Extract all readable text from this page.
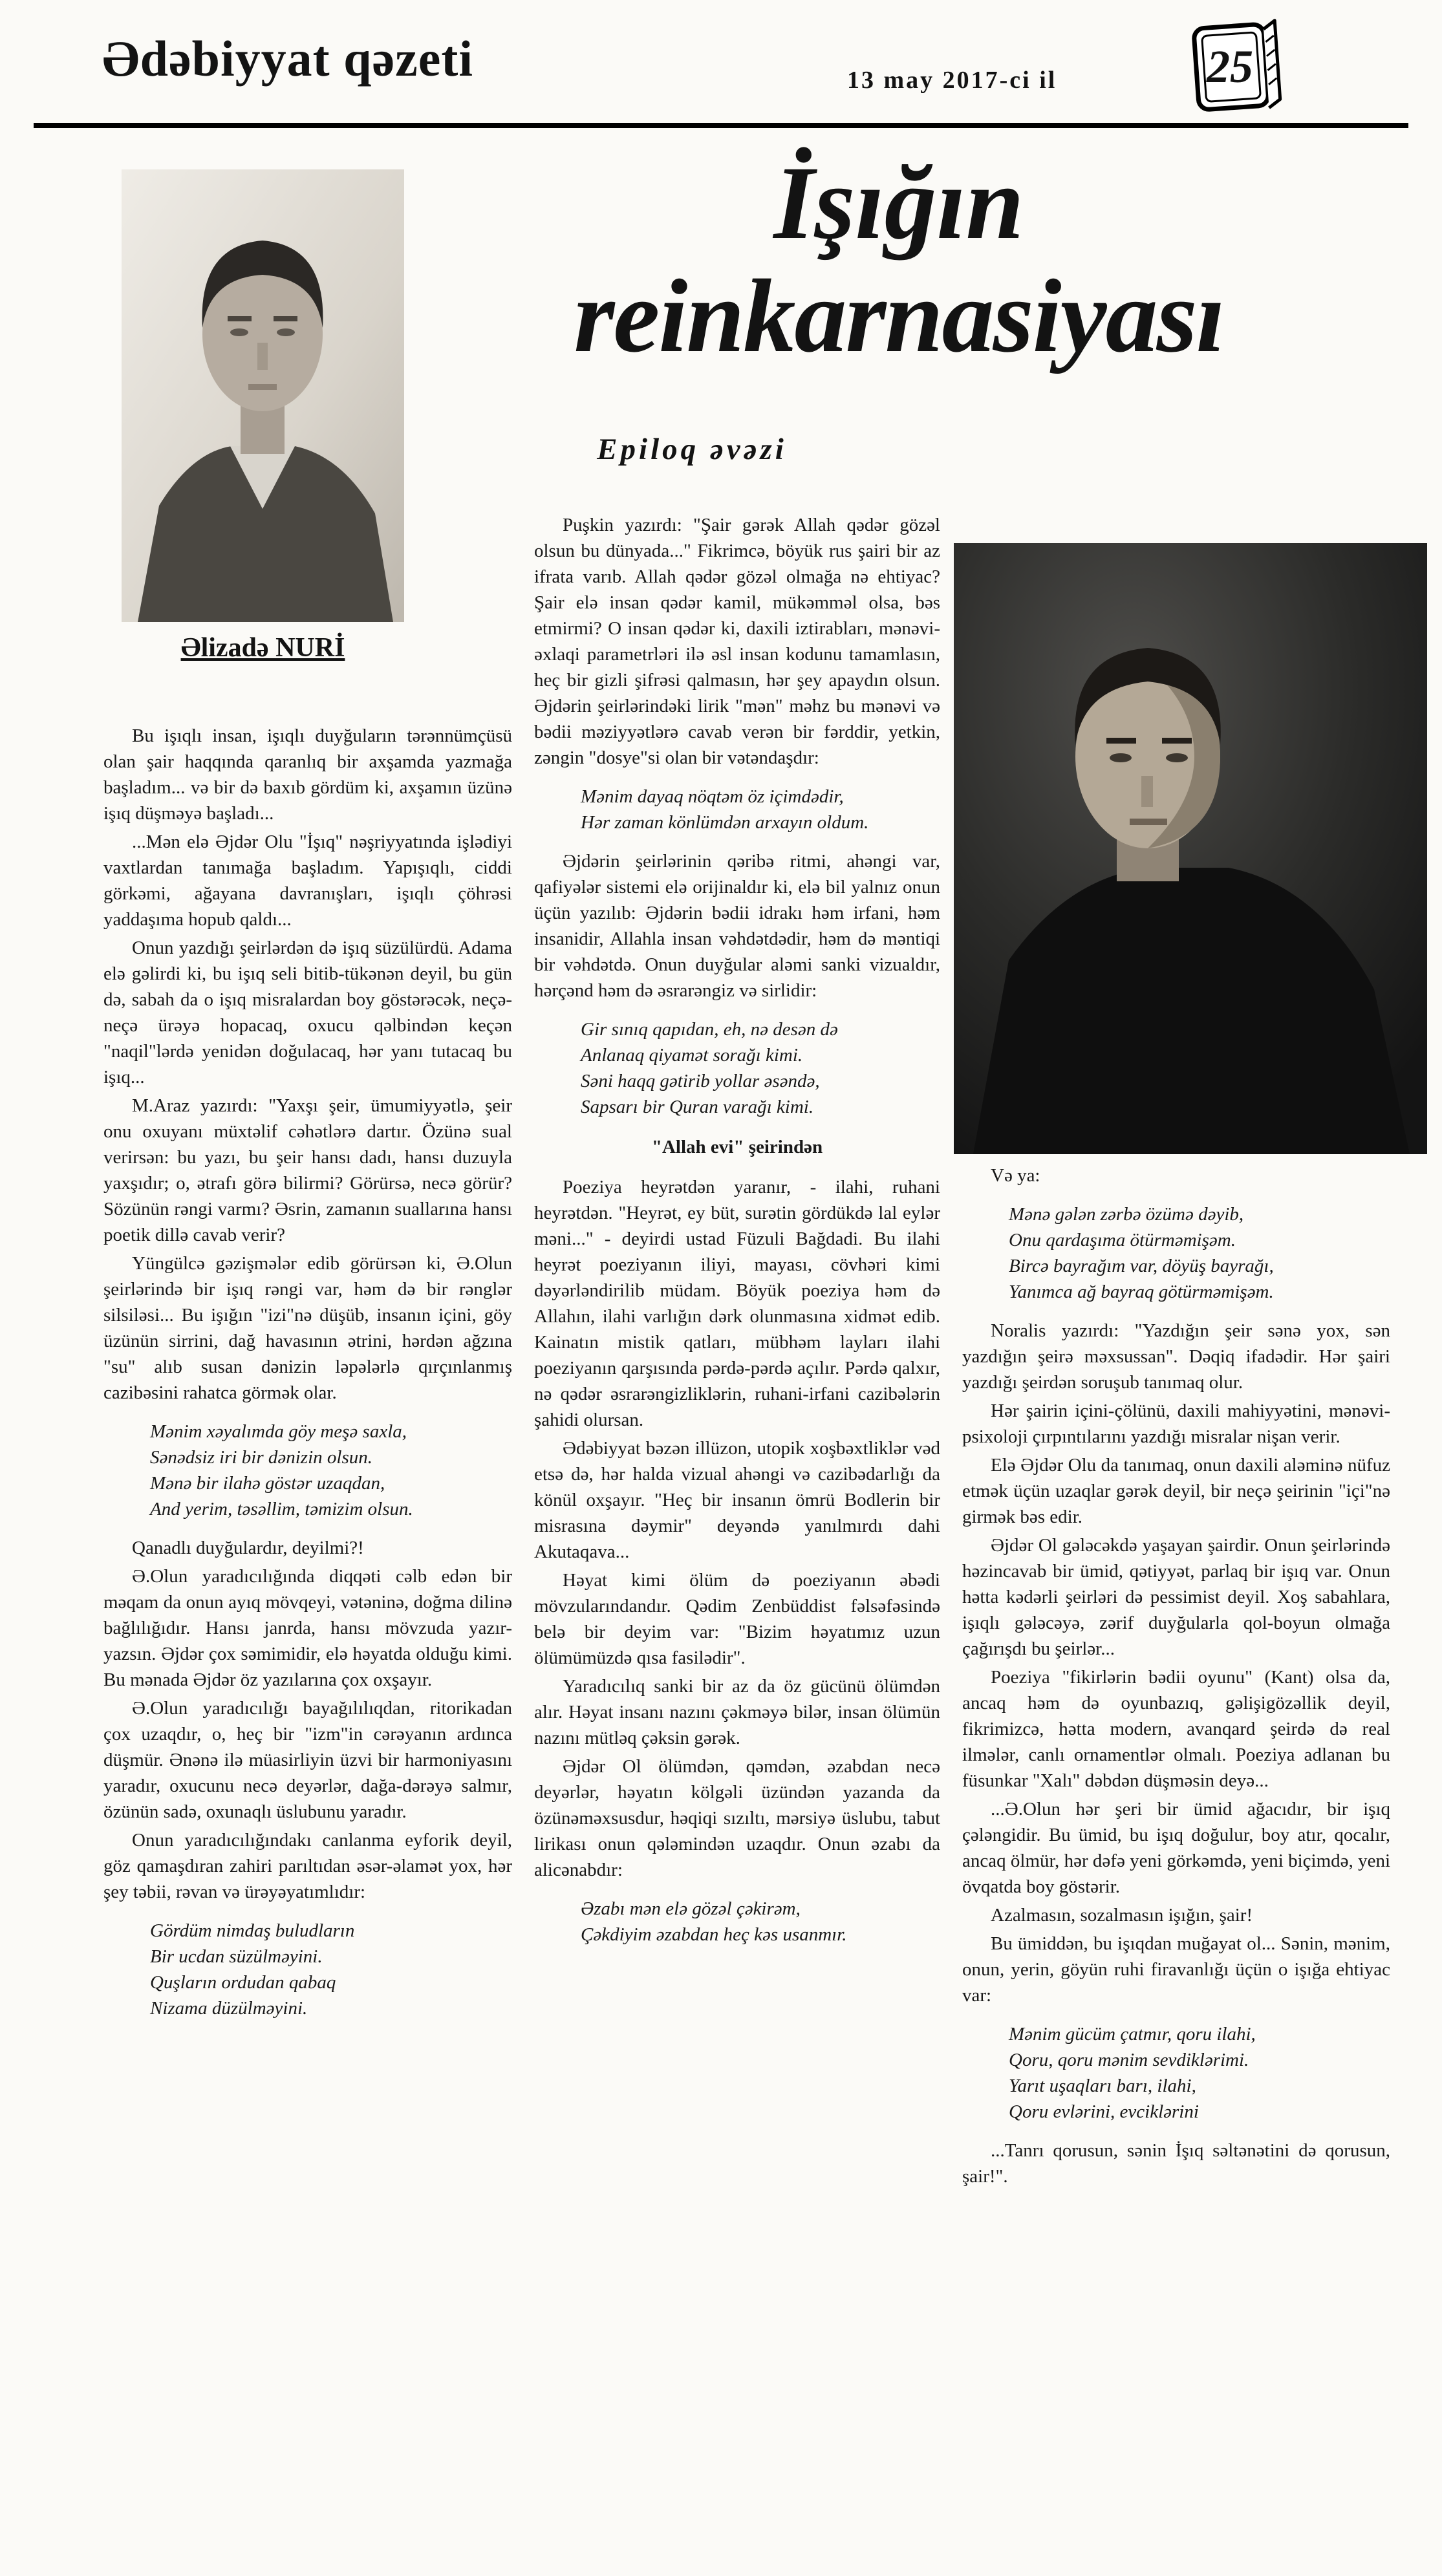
Ədəbiyyat qəzeti	13 may 2017-ci il	25
Əlizadə NURİ
İşığın
reinkarnasiyası
Epiloq əvəzi

Bu işıqlı insan, işıqlı duyğuların tərənnümçüsü olan şair haqqında qaranlıq bir axşamda yazmağa başladım... və bir də baxıb gördüm ki, axşamın üzünə işıq düşməyə başladı...

...Mən elə Əjdər Olu "İşıq" nəşriyyatında işlədiyi vaxtlardan tanımağa başladım. Yapışıqlı, ciddi görkəmi, ağayana davranışları, işıqlı çöhrəsi yaddaşıma hopub qaldı...

Onun yazdığı şeirlərdən də işıq süzülürdü. Adama elə gəlirdi ki, bu işıq seli bitib-tükənən deyil, bu gün də, sabah da o işıq misralardan boy göstərəcək, neçə-neçə ürəyə hopacaq, oxucu qəlbindən keçən "naqil"lərdə yenidən doğulacaq, hər yanı tutacaq bu işıq...

M.Araz yazırdı: "Yaxşı şeir, ümumiyyətlə, şeir onu oxuyanı müxtəlif cəhətlərə dartır. Özünə sual verirsən: bu yazı, bu şeir hansı dadı, hansı duzuyla yaxşıdır; o, ətrafı görə bilirmi? Görürsə, necə görür? Sözünün rəngi varmı? Əsrin, zamanın suallarına hansı poetik dillə cavab verir?

Yüngülcə gəzişmələr edib görürsən ki, Ə.Olun şeirlərində bir işıq rəngi var, həm də bir rənglər silsiləsi... Bu işığın "izi"nə düşüb, insanın içini, göy üzünün sirrini, dağ havasının ətrini, hərdən ağzına "su" alıb susan dənizin ləpələrlə qırçınlanmış cazibəsini rahatca görmək olar.

Mənim xəyalımda göy meşə saxla,
Sənədsiz iri bir dənizin olsun.
Mənə bir ilahə göstər uzaqdan,
And yerim, təsəllim, təmizim olsun.

Qanadlı duyğulardır, deyilmi?!

Ə.Olun yaradıcılığında diqqəti cəlb edən bir məqam da onun ayıq mövqeyi, vətəninə, doğma dilinə bağlılığıdır. Hansı janrda, hansı mövzuda yazır-yazsın. Əjdər çox səmimidir, elə həyatda olduğu kimi. Bu mənada Əjdər öz yazılarına çox oxşayır.

Ə.Olun yaradıcılığı bayağılılıqdan, ritorikadan çox uzaqdır, o, heç bir "izm"in cərəyanın ardınca düşmür. Ənənə ilə müasirliyin üzvi bir harmoniyasını yaradır, oxucunu necə deyərlər, dağa-dərəyə salmır, özünün sadə, oxunaqlı üslubunu yaradır.

Onun yaradıcılığındakı canlanma eyforik deyil, göz qamaşdıran zahiri parıltıdan əsər-əlamət yox, hər şey təbii, rəvan və ürəyəyatımlıdır:

Gördüm nimdaş buludların
Bir ucdan süzülməyini.
Quşların ordudan qabaq
Nizama düzülməyini.

Puşkin yazırdı: "Şair gərək Allah qədər gözəl olsun bu dünyada..." Fikrimcə, böyük rus şairi bir az ifrata varıb. Allah qədər gözəl olmağa nə ehtiyac? Şair elə insan qədər kamil, mükəmməl olsa, bəs etmirmi? O insan qədər ki, daxili iztirabları, mənəvi-əxlaqi parametrləri ilə əsl insan kodunu tamamlasın, heç bir gizli şifrəsi qalmasın, hər şey apaydın olsun. Əjdərin şeirlərindəki lirik "mən" məhz bu mənəvi və bədii məziyyətlərə cavab verən bir fərddir, yetkin, zəngin "dosye"si olan bir vətəndaşdır:

Mənim dayaq nöqtəm öz içimdədir,
Hər zaman könlümdən arxayın oldum.

Əjdərin şeirlərinin qəribə ritmi, ahəngi var, qafiyələr sistemi elə orijinaldır ki, elə bil yalnız onun üçün yazılıb: Əjdərin bədii idrakı həm irfani, həm insanidir, Allahla insan vəhdətdədir, həm də məntiqi bir vəhdətdə. Onun duyğular aləmi sanki vizualdır, hərçənd həm də əsrarəngiz və sirlidir:

Gir sınıq qapıdan, eh, nə desən də
Anlanaq qiyamət sorağı kimi.
Səni haqq gətirib yollar əsəndə,
Sapsarı bir Quran varağı kimi.

"Allah evi" şeirindən

Poeziya heyrətdən yaranır, - ilahi, ruhani heyrətdən. "Heyrət, ey büt, surətin gördükdə lal eylər məni..." - deyirdi ustad Füzuli Bağdadi. Bu ilahi heyrət poeziyanın iliyi, mayası, cövhəri kimi dəyərləndirilib müdam. Böyük poeziya həm də Allahın, ilahi varlığın dərk olunmasına xidmət edib. Kainatın mistik qatları, mübhəm layları ilahi poeziyanın qarşısında pərdə-pərdə açılır. Pərdə qalxır, nə qədər əsrarəngizliklərin, ruhani-irfani cazibələrin şahidi olursan.

Ədəbiyyat bəzən illüzon, utopik xoşbəxtliklər vəd etsə də, hər halda vizual ahəngi və cazibədarlığı da könül oxşayır. "Heç bir insanın ömrü Bodlerin bir misrasına dəymir" deyəndə yanılmırdı dahi Akutaqava...

Həyat kimi ölüm də poeziyanın əbədi mövzularındandır. Qədim Zenbüddist fəlsəfəsində belə bir deyim var: "Bizim həyatımız uzun ölümümüzdə qısa fasilədir".

Yaradıcılıq sanki bir az da öz gücünü ölümdən alır. Həyat insanı nazını çəkməyə bilər, insan ölümün nazını mütləq çəksin gərək.

Əjdər Ol ölümdən, qəmdən, əzabdan necə deyərlər, həyatın kölgəli üzündən yazanda da özünəməxsusdur, həqiqi sızıltı, mərsiyə üslubu, tabut lirikası onun qələmindən uzaqdır. Onun əzabı da alicənabdır:

Əzabı mən elə gözəl çəkirəm,
Çəkdiyim əzabdan heç kəs usanmır.

Və ya:

Mənə gələn zərbə özümə dəyib,
Onu qardaşıma ötürməmişəm.
Bircə bayrağım var, döyüş bayrağı,
Yanımca ağ bayraq götürməmişəm.

Noralis yazırdı: "Yazdığın şeir sənə yox, sən yazdığın şeirə məxsussan". Dəqiq ifadədir. Hər şairi yazdığı şeirdən soruşub tanımaq olur.

Hər şairin içini-çölünü, daxili mahiyyətini, mənəvi-psixoloji çırpıntılarını yazdığı misralar nişan verir.

Elə Əjdər Olu da tanımaq, onun daxili aləminə nüfuz etmək üçün uzaqlar gərək deyil, bir neçə şeirinin "içi"nə girmək bəs edir.

Əjdər Ol gələcəkdə yaşayan şairdir. Onun şeirlərində həzincavab bir ümid, qətiyyət, parlaq bir işıq var. Onun hətta kədərli şeirləri də pessimist deyil. Xoş sabahlara, işıqlı gələcəyə, zərif duyğularla qol-boyun olmağa çağırışdı bu şeirlər...

Poeziya "fikirlərin bədii oyunu" (Kant) olsa da, ancaq həm də oyunbazıq, gəlişigözəllik deyil, fikrimizcə, hətta modern, avanqard şeirdə də real ilmələr, canlı ornamentlər olmalı. Poeziya adlanan bu füsunkar "Xalı" dəbdən düşməsin deyə...

...Ə.Olun hər şeri bir ümid ağacıdır, bir işıq çələngidir. Bu ümid, bu işıq doğulur, boy atır, qocalır, ancaq ölmür, hər dəfə yeni görkəmdə, yeni biçimdə, yeni övqatda boy göstərir.

Azalmasın, sozalmasın işığın, şair!

Bu ümiddən, bu işıqdan muğayat ol... Sənin, mənim, onun, yerin, göyün ruhi firavanlığı üçün o işığa ehtiyac var:

Mənim gücüm çatmır, qoru ilahi,
Qoru, qoru mənim sevdiklərimi.
Yarıt uşaqları barı, ilahi,
Qoru evlərini, evciklərini

...Tanrı qorusun, sənin İşıq səltənətini də qorusun, şair!".
